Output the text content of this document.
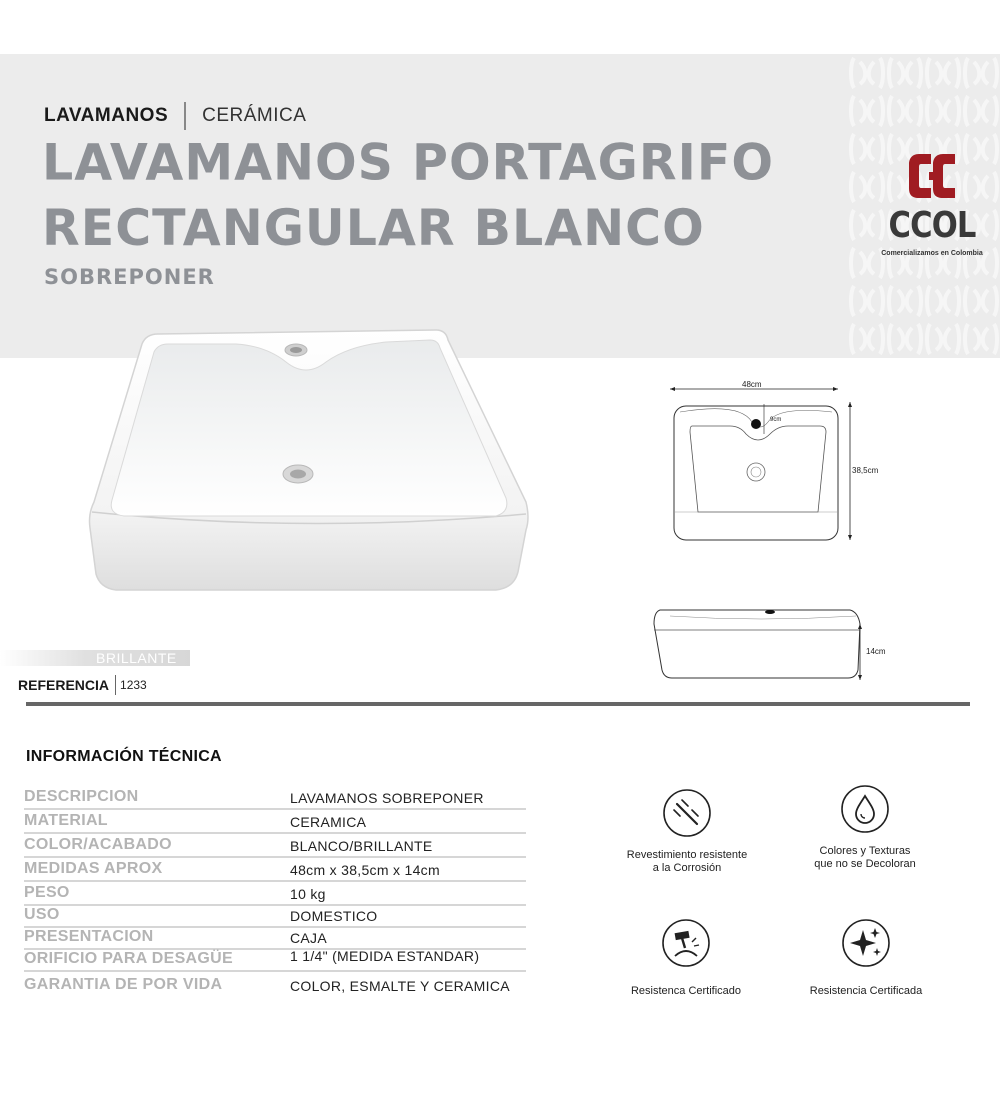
LAVAMANOS CERÁMICA
LAVAMANOS PORTAGRIFO
RECTANGULAR BLANCO
SOBREPONER
CCOL
Comercializamos en Colombia
48cm
9cm
38,5cm
14cm
BRILLANTE
REFERENCIA 1233
INFORMACIÓN TÉCNICA
DESCRIPCION	LAVAMANOS SOBREPONER
MATERIAL	CERAMICA
COLOR/ACABADO	BLANCO/BRILLANTE
MEDIDAS APROX	48cm x 38,5cm x 14cm
PESO	10 kg
USO	DOMESTICO
PRESENTACION	CAJA
ORIFICIO PARA DESAGÜE	1 1/4" (MEDIDA ESTANDAR)
GARANTIA DE POR VIDA	COLOR, ESMALTE Y CERAMICA
Revestimiento resistente
a la Corrosión
Colores y Texturas
que no se Decoloran
Resistenca Certificado	Resistencia Certificada
